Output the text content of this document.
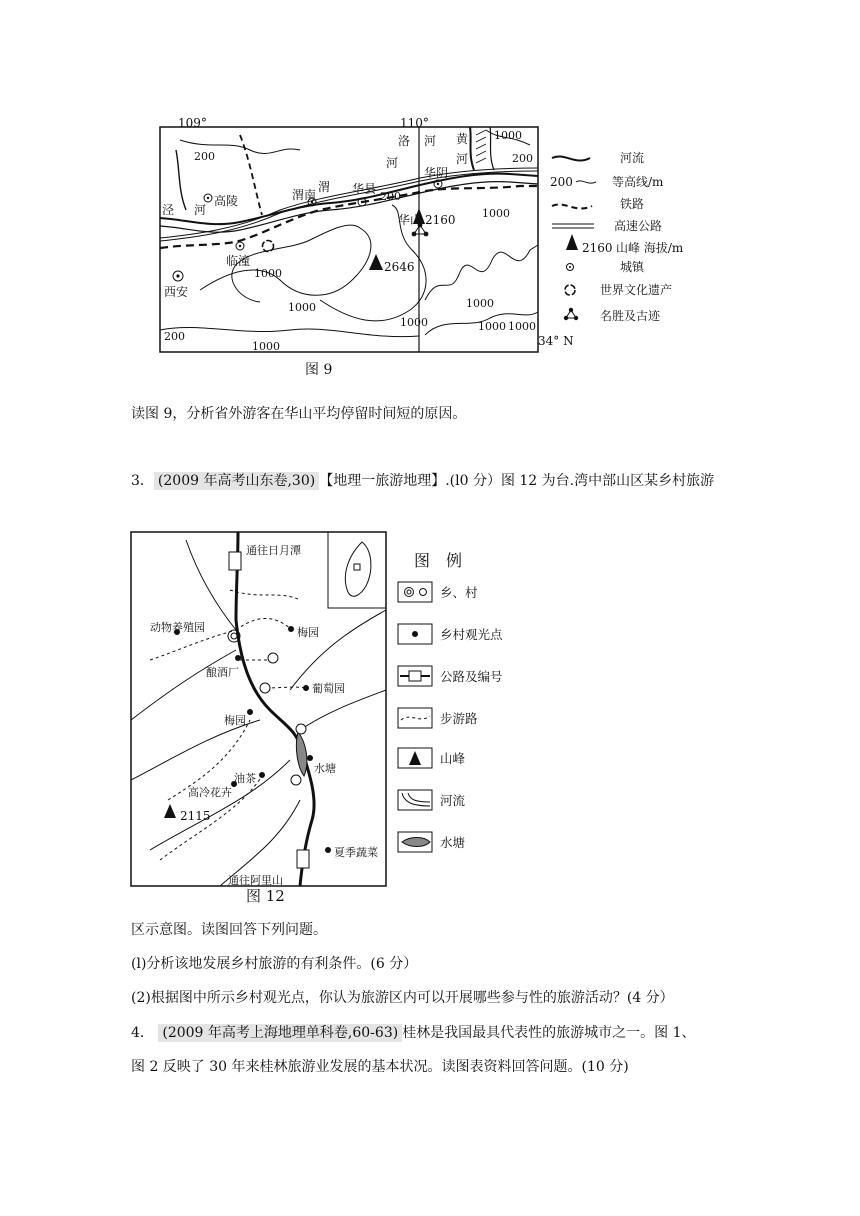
109°	110°
34° N
高陵	渭南	华县
华阴
华山
临潼
西安
洛 河 黄
河
河
渭
泾 河
200	200
200
200
1000
1000
1000
1000
1000
1000
1000 1000
1000
2160
2646
河流
200	等高线/m
铁路
高速公路
2160 山峰 海拔/m
城镇
世界文化遗产
名胜及古迹
图 9
读图 9，分析省外游客在华山平均停留时间短的原因。
3． (2009 年高考山东卷,30) 【地理一旅游地理】.(l0 分）图 12 为台.湾中部山区某乡村旅游
通往日月潭
通往阿里山
动物养殖园	梅园
酿酒厂
葡萄园
梅园
水塘
油茶
高冷花卉
夏季蔬菜
2115
图　例
乡、村
乡村观光点
公路及编号
步游路
山峰
河流
水塘
图 12
区示意图。读图回答下列问题。
(l)分析该地发展乡村旅游的有利条件。(6 分）
(2)根据图中所示乡村观光点，你认为旅游区内可以开展哪些参与性的旅游活动？(4 分）
4． (2009 年高考上海地理单科卷,60-63) 桂林是我国最具代表性的旅游城市之一。图 1、
图 2 反映了 30 年来桂林旅游业发展的基本状况。读图表资料回答问题。(10 分)
